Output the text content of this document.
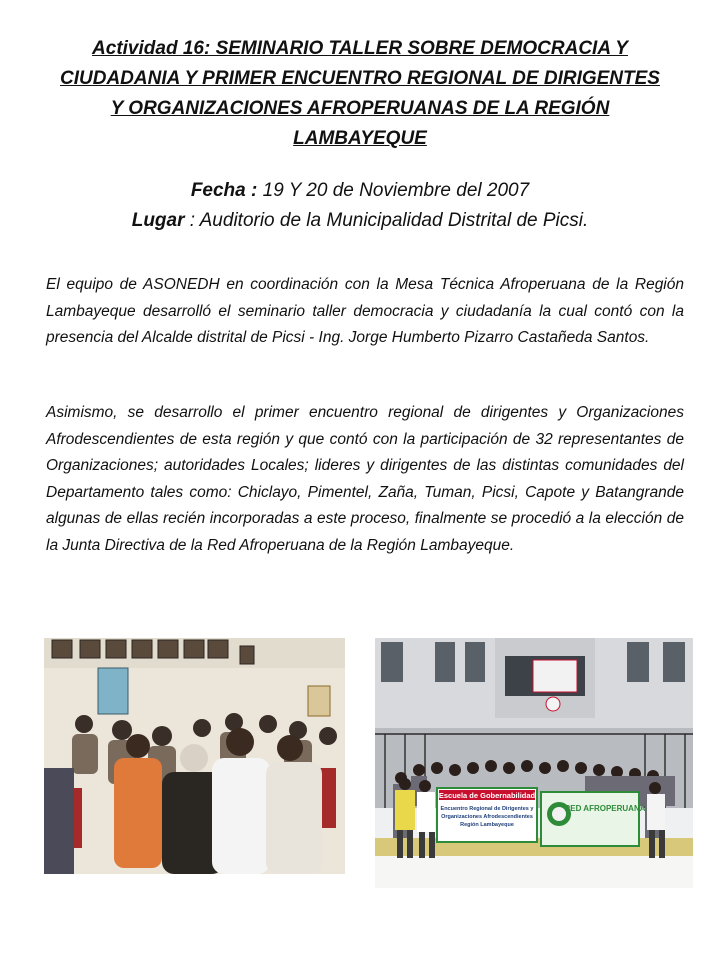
Actividad 16: SEMINARIO TALLER SOBRE DEMOCRACIA Y
CIUDADANIA Y PRIMER ENCUENTRO REGIONAL DE DIRIGENTES
Y ORGANIZACIONES AFROPERUANAS DE LA REGIÓN
LAMBAYEQUE
Fecha : 19 Y 20 de Noviembre del 2007
Lugar : Auditorio de la Municipalidad Distrital de Picsi.

El equipo de ASONEDH en coordinación con la Mesa Técnica Afroperuana de la Región Lambayeque desarrolló el seminario taller democracia y ciudadanía la cual contó con la presencia del Alcalde distrital de Picsi - Ing. Jorge Humberto Pizarro Castañeda Santos.

Asimismo, se desarrollo el primer encuentro regional de dirigentes y Organizaciones Afrodescendientes de esta región y que contó con la participación de 32 representantes de Organizaciones; autoridades Locales; lideres y dirigentes de las distintas comunidades del Departamento tales como: Chiclayo, Pimentel, Zaña, Tuman, Picsi, Capote y Batangrande algunas de ellas recién incorporadas a este proceso, finalmente se procedió a la elección de la Junta Directiva de la Red Afroperuana de la Región Lambayeque.

Escuela de Gobernabilidad
Encuentro Regional de Dirigentes y
Organizaciones Afrodescendientes
Región Lambayeque
RED AFROPERUANA
